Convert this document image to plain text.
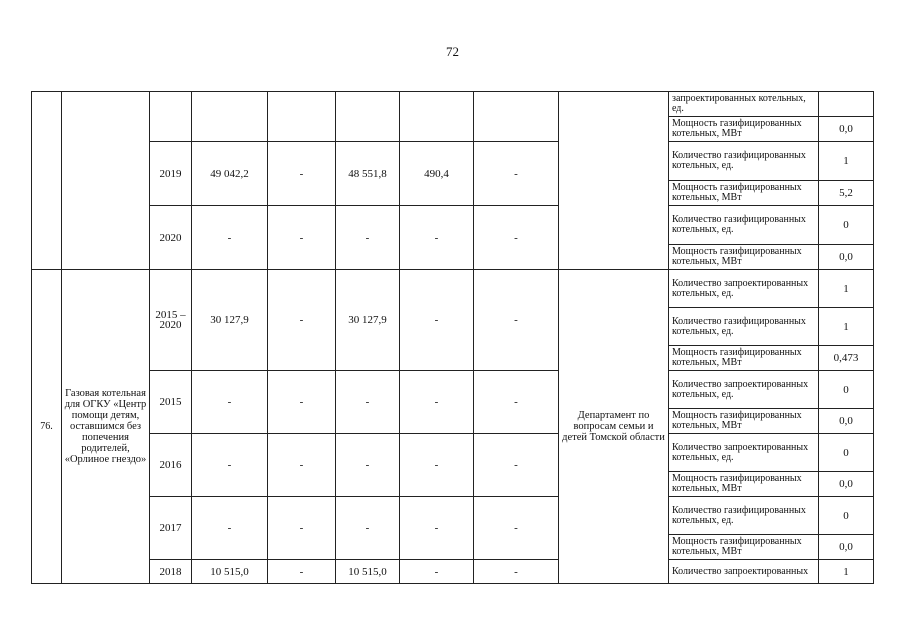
72
									запроектированных котельных, ед.	
									Мощность газифицированных котельных, МВт	0,0
		2019	49 042,2	-	48 551,8	490,4	-		Количество газифицированных котельных, ед.	1
									Мощность газифицированных котельных, МВт	5,2
		2020	-	-	-	-	-		Количество газифицированных котельных, ед.	0
									Мощность газифицированных котельных, МВт	0,0
76.	Газовая котельная для ОГКУ «Центр помощи детям, оставшимся без попечения родителей, «Орлиное гнездо»	2015 – 2020	30 127,9	-	30 127,9	-	-	Департамент по вопросам семьи и детей Томской области	Количество запроектированных котельных, ед.	1
									Количество газифицированных котельных, ед.	1
									Мощность газифицированных котельных, МВт	0,473
		2015	-	-	-	-	-		Количество запроектированных котельных, ед.	0
									Мощность газифицированных котельных, МВт	0,0
		2016	-	-	-	-	-		Количество запроектированных котельных, ед.	0
									Мощность газифицированных котельных, МВт	0,0
		2017	-	-	-	-	-		Количество газифицированных котельных, ед.	0
									Мощность газифицированных котельных, МВт	0,0
		2018	10 515,0	-	10 515,0	-	-		Количество запроектированных	1
